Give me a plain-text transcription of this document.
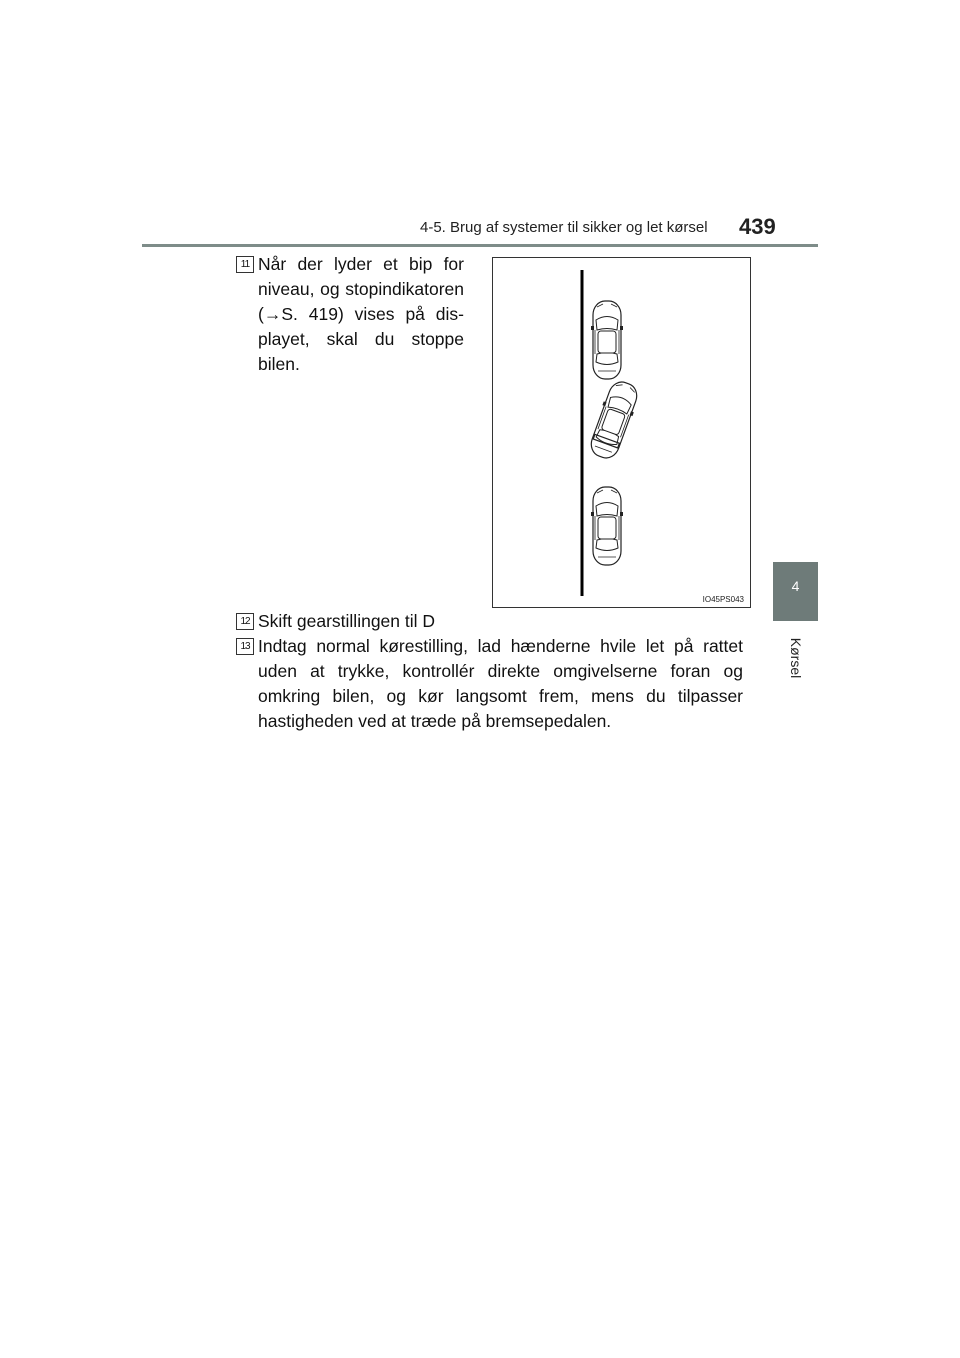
4-5. Brug af systemer til sikker og let kørsel 439
4
Kørsel
11 Når der lyder et bip for niveau, og stopindikatoren (→S. 419) vises på dis-playet, skal du stoppe bilen.
IO45PS043
12 Skift gearstillingen til D
13 Indtag normal kørestilling, lad hænderne hvile let på rattet uden at trykke, kontrollér direkte omgivelserne foran og omkring bilen, og kør langsomt frem, mens du tilpasser hastigheden ved at træde på bremsepedalen.
